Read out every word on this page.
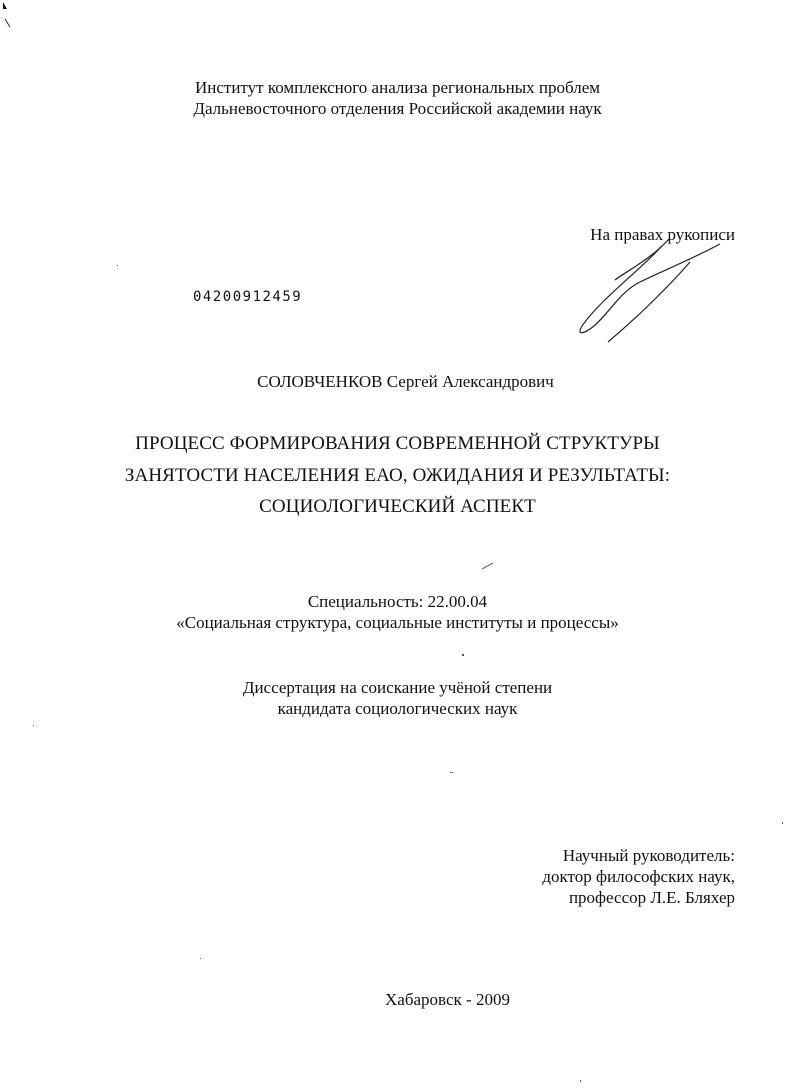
Институт комплексного анализа региональных проблем
Дальневосточного отделения Российской академии наук
На правах рукописи
04200912459
СОЛОВЧЕНКОВ Сергей Александрович
ПРОЦЕСС ФОРМИРОВАНИЯ СОВРЕМЕННОЙ СТРУКТУРЫ
ЗАНЯТОСТИ НАСЕЛЕНИЯ ЕАО, ОЖИДАНИЯ И РЕЗУЛЬТАТЫ:
СОЦИОЛОГИЧЕСКИЙ АСПЕКТ
Специальность: 22.00.04
«Социальная структура, социальные институты и процессы»
Диссертация на соискание учёной степени
кандидата социологических наук
Научный руководитель:
доктор философских наук,
профессор Л.Е. Бляхер
Хабаровск - 2009
